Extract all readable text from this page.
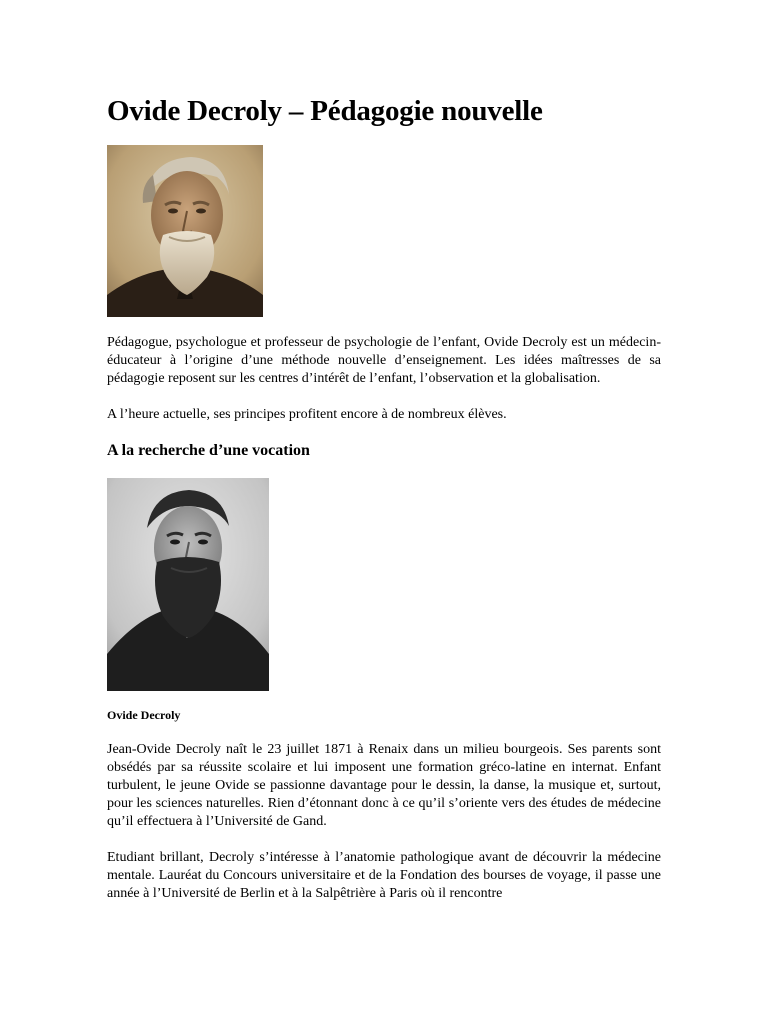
Ovide Decroly – Pédagogie nouvelle

Pédagogue, psychologue et professeur de psychologie de l’enfant, Ovide Decroly est un médecin-éducateur à l’origine d’une méthode nouvelle d’enseignement. Les idées maîtresses de sa pédagogie reposent sur les centres d’intérêt de l’enfant, l’observation et la globalisation.

A l’heure actuelle, ses principes profitent encore à de nombreux élèves.

A la recherche d’une vocation

Ovide Decroly

Jean-Ovide Decroly naît le 23 juillet 1871 à Renaix dans un milieu bourgeois. Ses parents sont obsédés par sa réussite scolaire et lui imposent une formation gréco-latine en internat. Enfant turbulent, le jeune Ovide se passionne davantage pour le dessin, la danse, la musique et, surtout, pour les sciences naturelles. Rien d’étonnant donc à ce qu’il s’oriente vers des études de médecine qu’il effectuera à l’Université de Gand.

Etudiant brillant, Decroly s’intéresse à l’anatomie pathologique avant de découvrir la médecine mentale. Lauréat du Concours universitaire et de la Fondation des bourses de voyage, il passe une année à l’Université de Berlin et à la Salpêtrière à Paris où il rencontre
